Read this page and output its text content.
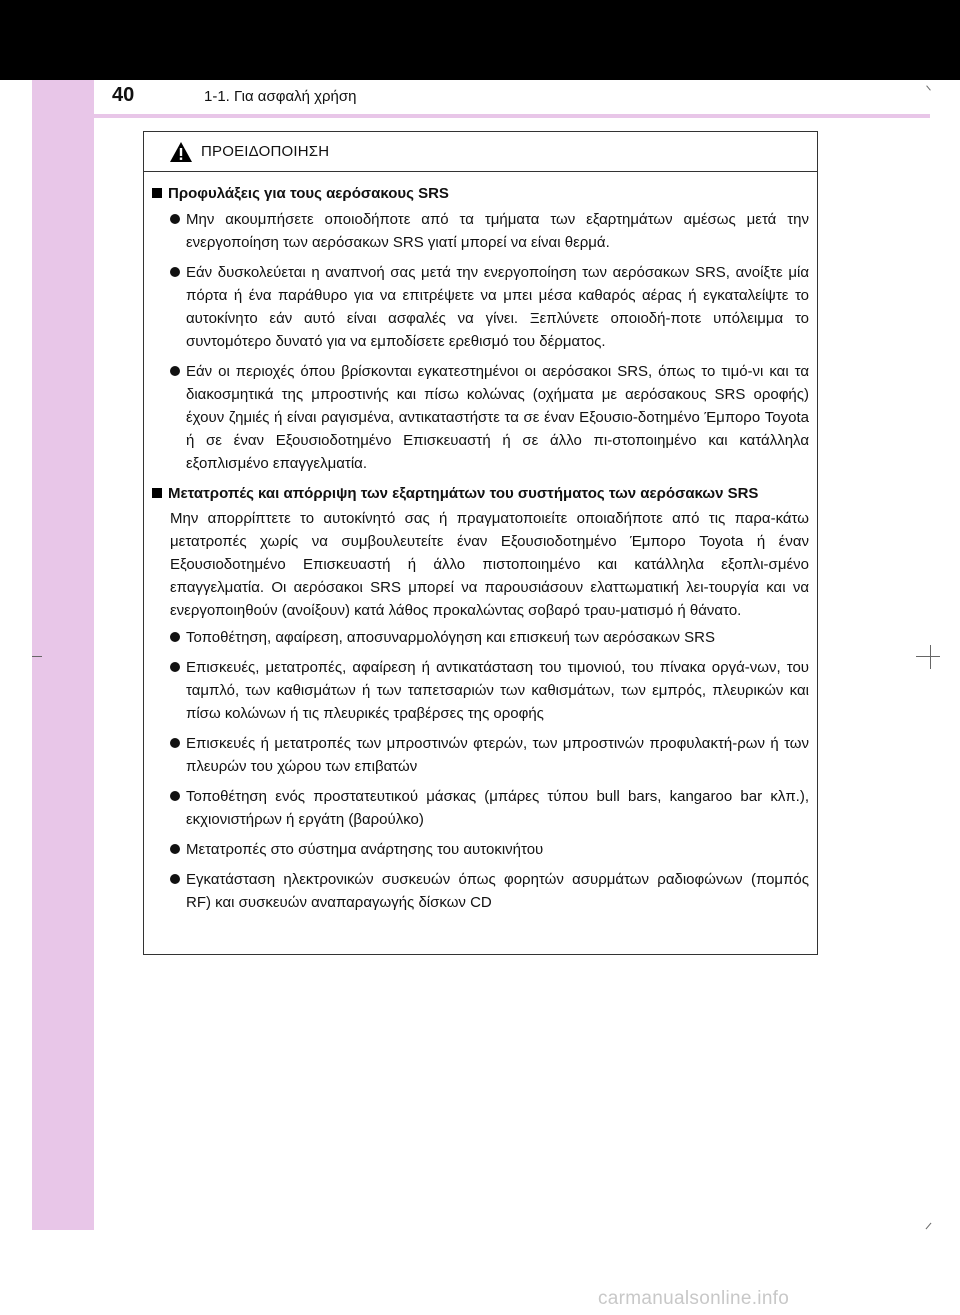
40	1-1. Για ασφαλή χρήση
ΠΡΟΕΙΔΟΠΟΙΗΣΗ
Προφυλάξεις για τους αερόσακους SRS
Μην ακουμπήσετε οποιοδήποτε από τα τμήματα των εξαρτημάτων αμέσως μετά την ενεργοποίηση των αερόσακων SRS γιατί μπορεί να είναι θερμά.
Εάν δυσκολεύεται η αναπνοή σας μετά την ενεργοποίηση των αερόσακων SRS, ανοίξτε μία πόρτα ή ένα παράθυρο για να επιτρέψετε να μπει μέσα καθαρός αέρας ή εγκαταλείψτε το αυτοκίνητο εάν αυτό είναι ασφαλές να γίνει. Ξεπλύνετε οποιοδή-ποτε υπόλειμμα το συντομότερο δυνατό για να εμποδίσετε ερεθισμό του δέρματος.
Εάν οι περιοχές όπου βρίσκονται εγκατεστημένοι οι αερόσακοι SRS, όπως το τιμό-νι και τα διακοσμητικά της μπροστινής και πίσω κολώνας (οχήματα με αερόσακους SRS οροφής) έχουν ζημιές ή είναι ραγισμένα, αντικαταστήστε τα σε έναν Εξουσιο-δοτημένο Έμπορο Toyota ή σε έναν Εξουσιοδοτημένο Επισκευαστή ή σε άλλο πι-στοποιημένο και κατάλληλα εξοπλισμένο επαγγελματία.
Μετατροπές και απόρριψη των εξαρτημάτων του συστήματος των αερόσακων SRS
Μην απορρίπτετε το αυτοκίνητό σας ή πραγματοποιείτε οποιαδήποτε από τις παρα-κάτω μετατροπές χωρίς να συμβουλευτείτε έναν Εξουσιοδοτημένο Έμπορο Toyota ή έναν Εξουσιοδοτημένο Επισκευαστή ή άλλο πιστοποιημένο και κατάλληλα εξοπλι-σμένο επαγγελματία. Οι αερόσακοι SRS μπορεί να παρουσιάσουν ελαττωματική λει-τουργία και να ενεργοποιηθούν (ανοίξουν) κατά λάθος προκαλώντας σοβαρό τραυ-ματισμό ή θάνατο.
Τοποθέτηση, αφαίρεση, αποσυναρμολόγηση και επισκευή των αερόσακων SRS
Επισκευές, μετατροπές, αφαίρεση ή αντικατάσταση του τιμονιού, του πίνακα οργά-νων, του ταμπλό, των καθισμάτων ή των ταπετσαριών των καθισμάτων, των εμπρός, πλευρικών και πίσω κολώνων ή τις πλευρικές τραβέρσες της οροφής
Επισκευές ή μετατροπές των μπροστινών φτερών, των μπροστινών προφυλακτή-ρων ή των πλευρών του χώρου των επιβατών
Τοποθέτηση ενός προστατευτικού μάσκας (μπάρες τύπου bull bars, kangaroo bar κλπ.), εκχιονιστήρων ή εργάτη (βαρούλκο)
Μετατροπές στο σύστημα ανάρτησης του αυτοκινήτου
Εγκατάσταση ηλεκτρονικών συσκευών όπως φορητών ασυρμάτων ραδιοφώνων (πομπός RF) και συσκευών αναπαραγωγής δίσκων CD
carmanualsonline.info
